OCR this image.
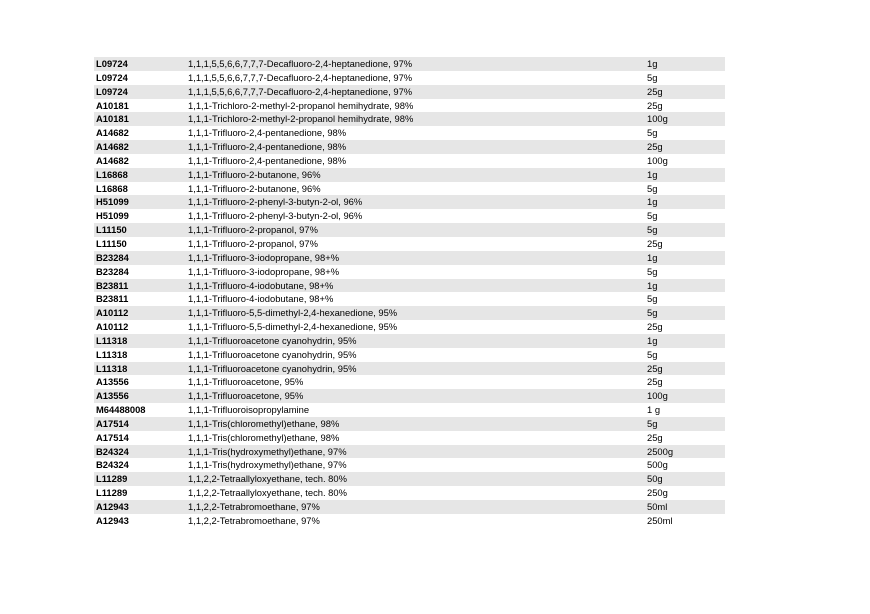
L09724	1,1,1,5,5,6,6,7,7,7-Decafluoro-2,4-heptanedione, 97%	1g
L09724	1,1,1,5,5,6,6,7,7,7-Decafluoro-2,4-heptanedione, 97%	5g
L09724	1,1,1,5,5,6,6,7,7,7-Decafluoro-2,4-heptanedione, 97%	25g
A10181	1,1,1-Trichloro-2-methyl-2-propanol hemihydrate, 98%	25g
A10181	1,1,1-Trichloro-2-methyl-2-propanol hemihydrate, 98%	100g
A14682	1,1,1-Trifluoro-2,4-pentanedione, 98%	5g
A14682	1,1,1-Trifluoro-2,4-pentanedione, 98%	25g
A14682	1,1,1-Trifluoro-2,4-pentanedione, 98%	100g
L16868	1,1,1-Trifluoro-2-butanone, 96%	1g
L16868	1,1,1-Trifluoro-2-butanone, 96%	5g
H51099	1,1,1-Trifluoro-2-phenyl-3-butyn-2-ol, 96%	1g
H51099	1,1,1-Trifluoro-2-phenyl-3-butyn-2-ol, 96%	5g
L11150	1,1,1-Trifluoro-2-propanol, 97%	5g
L11150	1,1,1-Trifluoro-2-propanol, 97%	25g
B23284	1,1,1-Trifluoro-3-iodopropane, 98+%	1g
B23284	1,1,1-Trifluoro-3-iodopropane, 98+%	5g
B23811	1,1,1-Trifluoro-4-iodobutane, 98+%	1g
B23811	1,1,1-Trifluoro-4-iodobutane, 98+%	5g
A10112	1,1,1-Trifluoro-5,5-dimethyl-2,4-hexanedione, 95%	5g
A10112	1,1,1-Trifluoro-5,5-dimethyl-2,4-hexanedione, 95%	25g
L11318	1,1,1-Trifluoroacetone cyanohydrin, 95%	1g
L11318	1,1,1-Trifluoroacetone cyanohydrin, 95%	5g
L11318	1,1,1-Trifluoroacetone cyanohydrin, 95%	25g
A13556	1,1,1-Trifluoroacetone, 95%	25g
A13556	1,1,1-Trifluoroacetone, 95%	100g
M64488008	1,1,1-Trifluoroisopropylamine	1 g
A17514	1,1,1-Tris(chloromethyl)ethane, 98%	5g
A17514	1,1,1-Tris(chloromethyl)ethane, 98%	25g
B24324	1,1,1-Tris(hydroxymethyl)ethane, 97%	2500g
B24324	1,1,1-Tris(hydroxymethyl)ethane, 97%	500g
L11289	1,1,2,2-Tetraallyloxyethane, tech. 80%	50g
L11289	1,1,2,2-Tetraallyloxyethane, tech. 80%	250g
A12943	1,1,2,2-Tetrabromoethane, 97%	50ml
A12943	1,1,2,2-Tetrabromoethane, 97%	250ml
